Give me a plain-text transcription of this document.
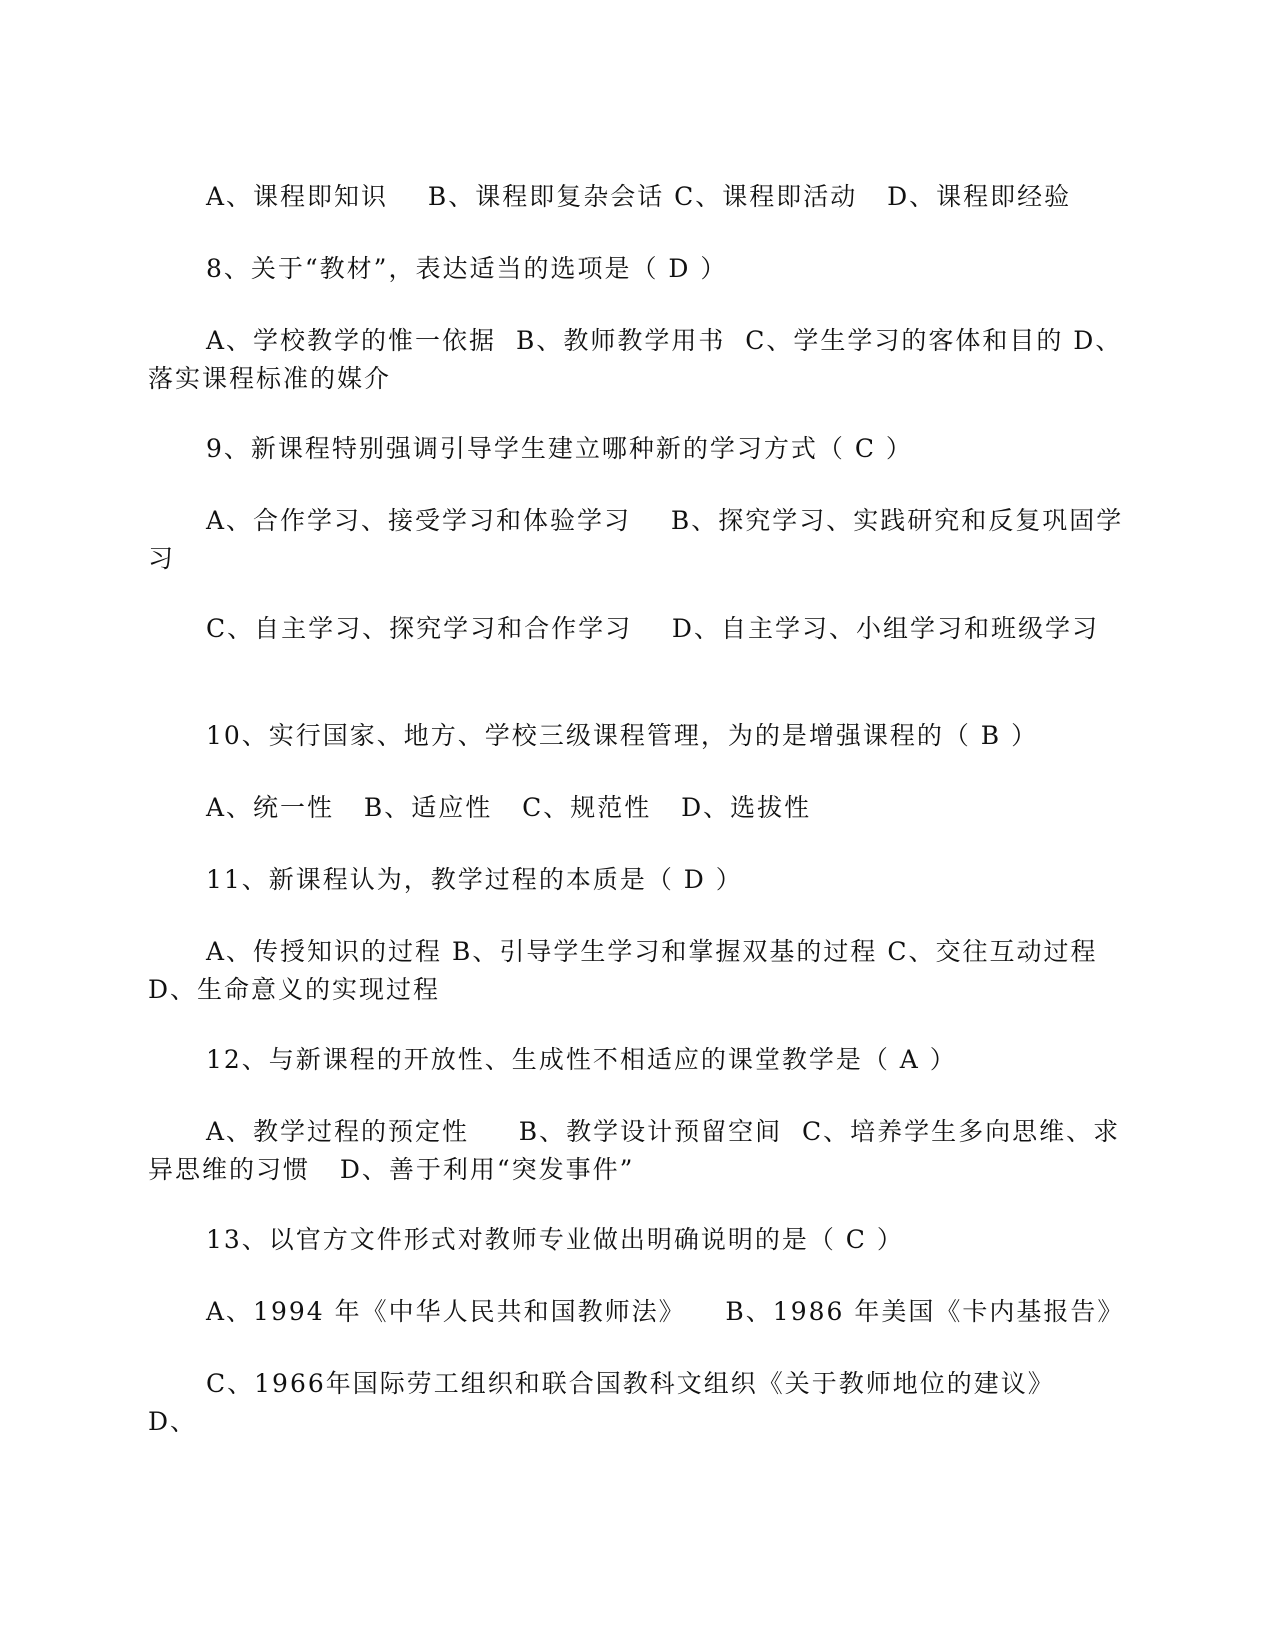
A、课程即知识    B、课程即复杂会话 C、课程即活动   D、课程即经验
8、关于“教材”，表达适当的选项是（ D ）
A、学校教学的惟一依据  B、教师教学用书  C、学生学习的客体和目的 D、落实课程标准的媒介
9、新课程特别强调引导学生建立哪种新的学习方式（ C ）
A、合作学习、接受学习和体验学习    B、探究学习、实践研究和反复巩固学习
C、自主学习、探究学习和合作学习    D、自主学习、小组学习和班级学习
10、实行国家、地方、学校三级课程管理，为的是增强课程的（ B ）
A、统一性   B、适应性   C、规范性   D、选拔性
11、新课程认为，教学过程的本质是（ D ）
A、传授知识的过程 B、引导学生学习和掌握双基的过程 C、交往互动过程   D、生命意义的实现过程
12、与新课程的开放性、生成性不相适应的课堂教学是（ A ）
A、教学过程的预定性     B、教学设计预留空间  C、培养学生多向思维、求异思维的习惯   D、善于利用“突发事件”
13、以官方文件形式对教师专业做出明确说明的是（ C ）
A、1994 年《中华人民共和国教师法》    B、1986 年美国《卡内基报告》
C、1966年国际劳工组织和联合国教科文组织《关于教师地位的建议》   D、
